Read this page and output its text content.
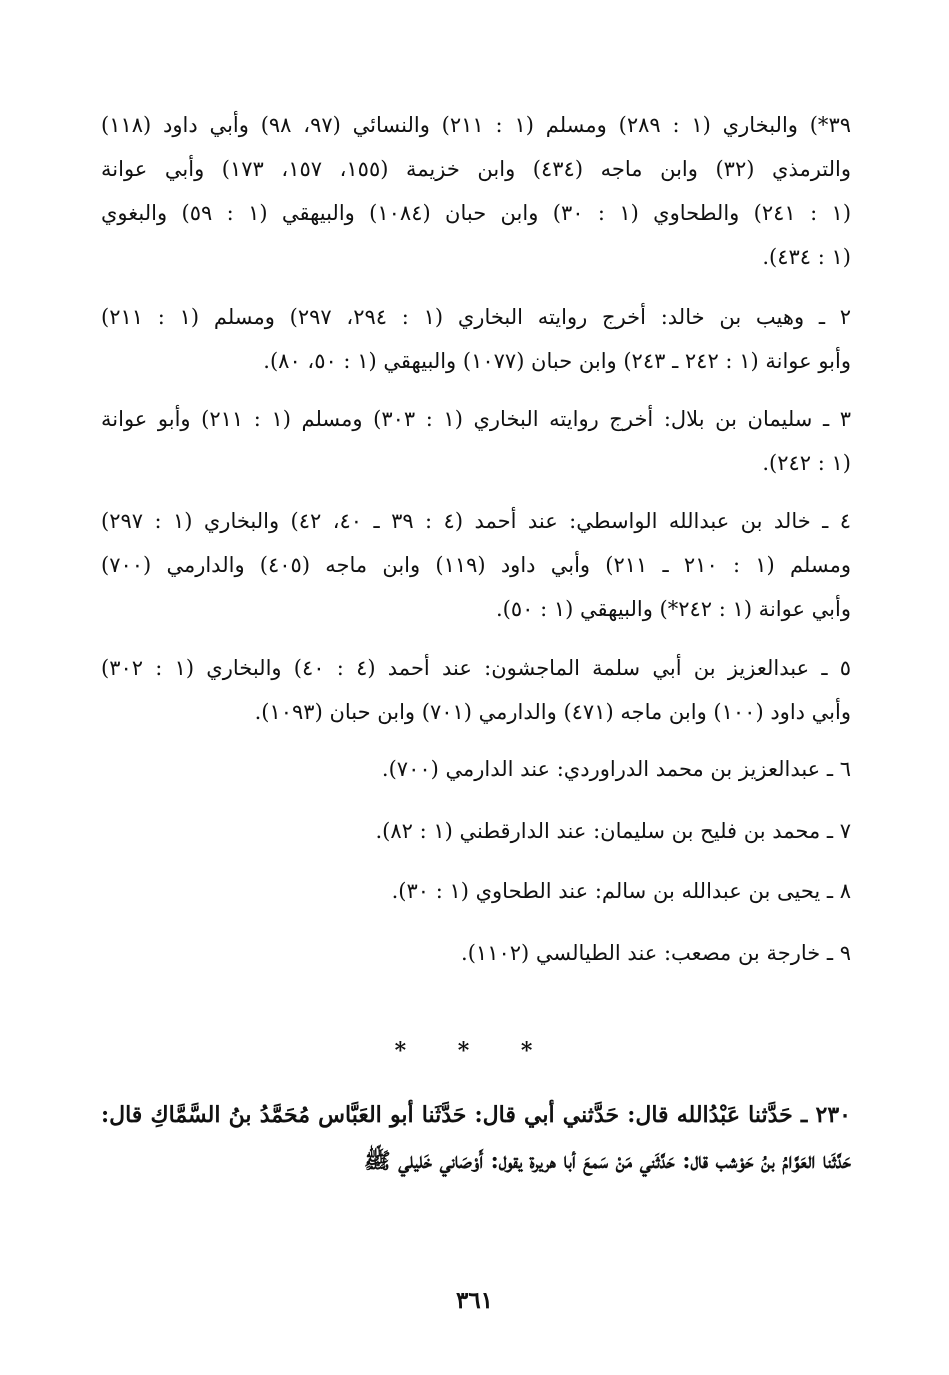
٣٩*) والبخاري (١ : ٢٨٩) ومسلم (١ : ٢١١) والنسائي (٩٧، ٩٨) وأبي داود (١١٨)
والترمذي (٣٢) وابن ماجه (٤٣٤) وابن خزيمة (١٥٥، ١٥٧، ١٧٣) وأبي عوانة
(١ : ٢٤١) والطحاوي (١ : ٣٠) وابن حبان (١٠٨٤) والبيهقي (١ : ٥٩) والبغوي
(١ : ٤٣٤).
٢ ـ وهيب بن خالد: أخرج روايته البخاري (١ : ٢٩٤، ٢٩٧) ومسلم (١ : ٢١١)
وأبو عوانة (١ : ٢٤٢ ـ ٢٤٣) وابن حبان (١٠٧٧) والبيهقي (١ : ٥٠، ٨٠).
٣ ـ سليمان بن بلال: أخرج روايته البخاري (١ : ٣٠٣) ومسلم (١ : ٢١١) وأبو عوانة
(١ : ٢٤٢).
٤ ـ خالد بن عبدالله الواسطي: عند أحمد (٤ : ٣٩ ـ ٤٠، ٤٢) والبخاري (١ : ٢٩٧)
ومسلم (١ : ٢١٠ ـ ٢١١) وأبي داود (١١٩) وابن ماجه (٤٠٥) والدارمي (٧٠٠)
وأبي عوانة (١ : ٢٤٢*) والبيهقي (١ : ٥٠).
٥ ـ عبدالعزيز بن أبي سلمة الماجشون: عند أحمد (٤ : ٤٠) والبخاري (١ : ٣٠٢)
وأبي داود (١٠٠) وابن ماجه (٤٧١) والدارمي (٧٠١) وابن حبان (١٠٩٣).
٦ ـ عبدالعزيز بن محمد الدراوردي: عند الدارمي (٧٠٠).
٧ ـ محمد بن فليح بن سليمان: عند الدارقطني (١ : ٨٢).
٨ ـ يحيى بن عبدالله بن سالم: عند الطحاوي (١ : ٣٠).
٩ ـ خارجة بن مصعب: عند الطيالسي (١١٠٢).
* * *
٢٣٠ ـ حَدَّثنا عَبْدُالله قال: حَدَّثني أبي قال: حَدَّثَنا أبو العَبَّاس مُحَمَّدُ بنُ السَّمَّاكِ قال:
حَدَّثَنا العَوَّامُ بنُ حَوْشب قال: حَدَّثَني مَنْ سَمعَ أبا هريرة يقول: أَوْصَاني خَليلي ﷺ
٣٦١
